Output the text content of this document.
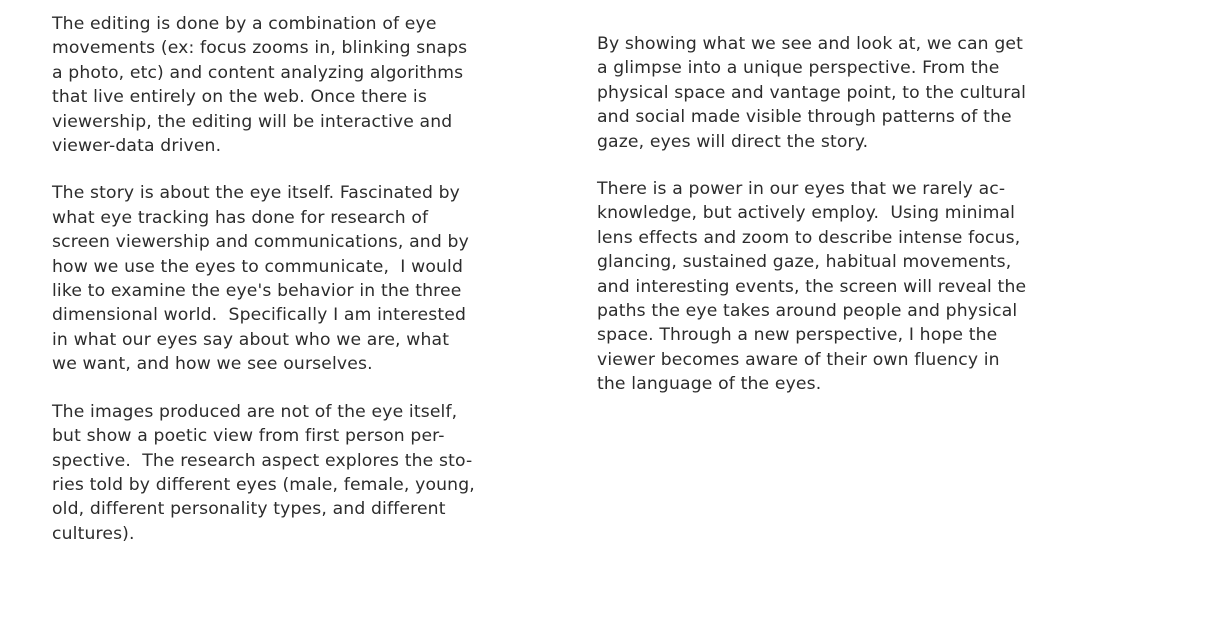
The editing is done by a combination of eye
movements (ex: focus zooms in, blinking snaps
a photo, etc) and content analyzing algorithms
that live entirely on the web. Once there is
viewership, the editing will be interactive and
viewer-data driven.

The story is about the eye itself. Fascinated by
what eye tracking has done for research of
screen viewership and communications, and by
how we use the eyes to communicate,  I would
like to examine the eye's behavior in the three
dimensional world.  Specifically I am interested
in what our eyes say about who we are, what
we want, and how we see ourselves.

The images produced are not of the eye itself,
but show a poetic view from first person per-
spective.  The research aspect explores the sto-
ries told by different eyes (male, female, young,
old, different personality types, and different
cultures).

By showing what we see and look at, we can get
a glimpse into a unique perspective. From the
physical space and vantage point, to the cultural
and social made visible through patterns of the
gaze, eyes will direct the story.

There is a power in our eyes that we rarely ac-
knowledge, but actively employ.  Using minimal
lens effects and zoom to describe intense focus,
glancing, sustained gaze, habitual movements,
and interesting events, the screen will reveal the
paths the eye takes around people and physical
space. Through a new perspective, I hope the
viewer becomes aware of their own fluency in
the language of the eyes.
